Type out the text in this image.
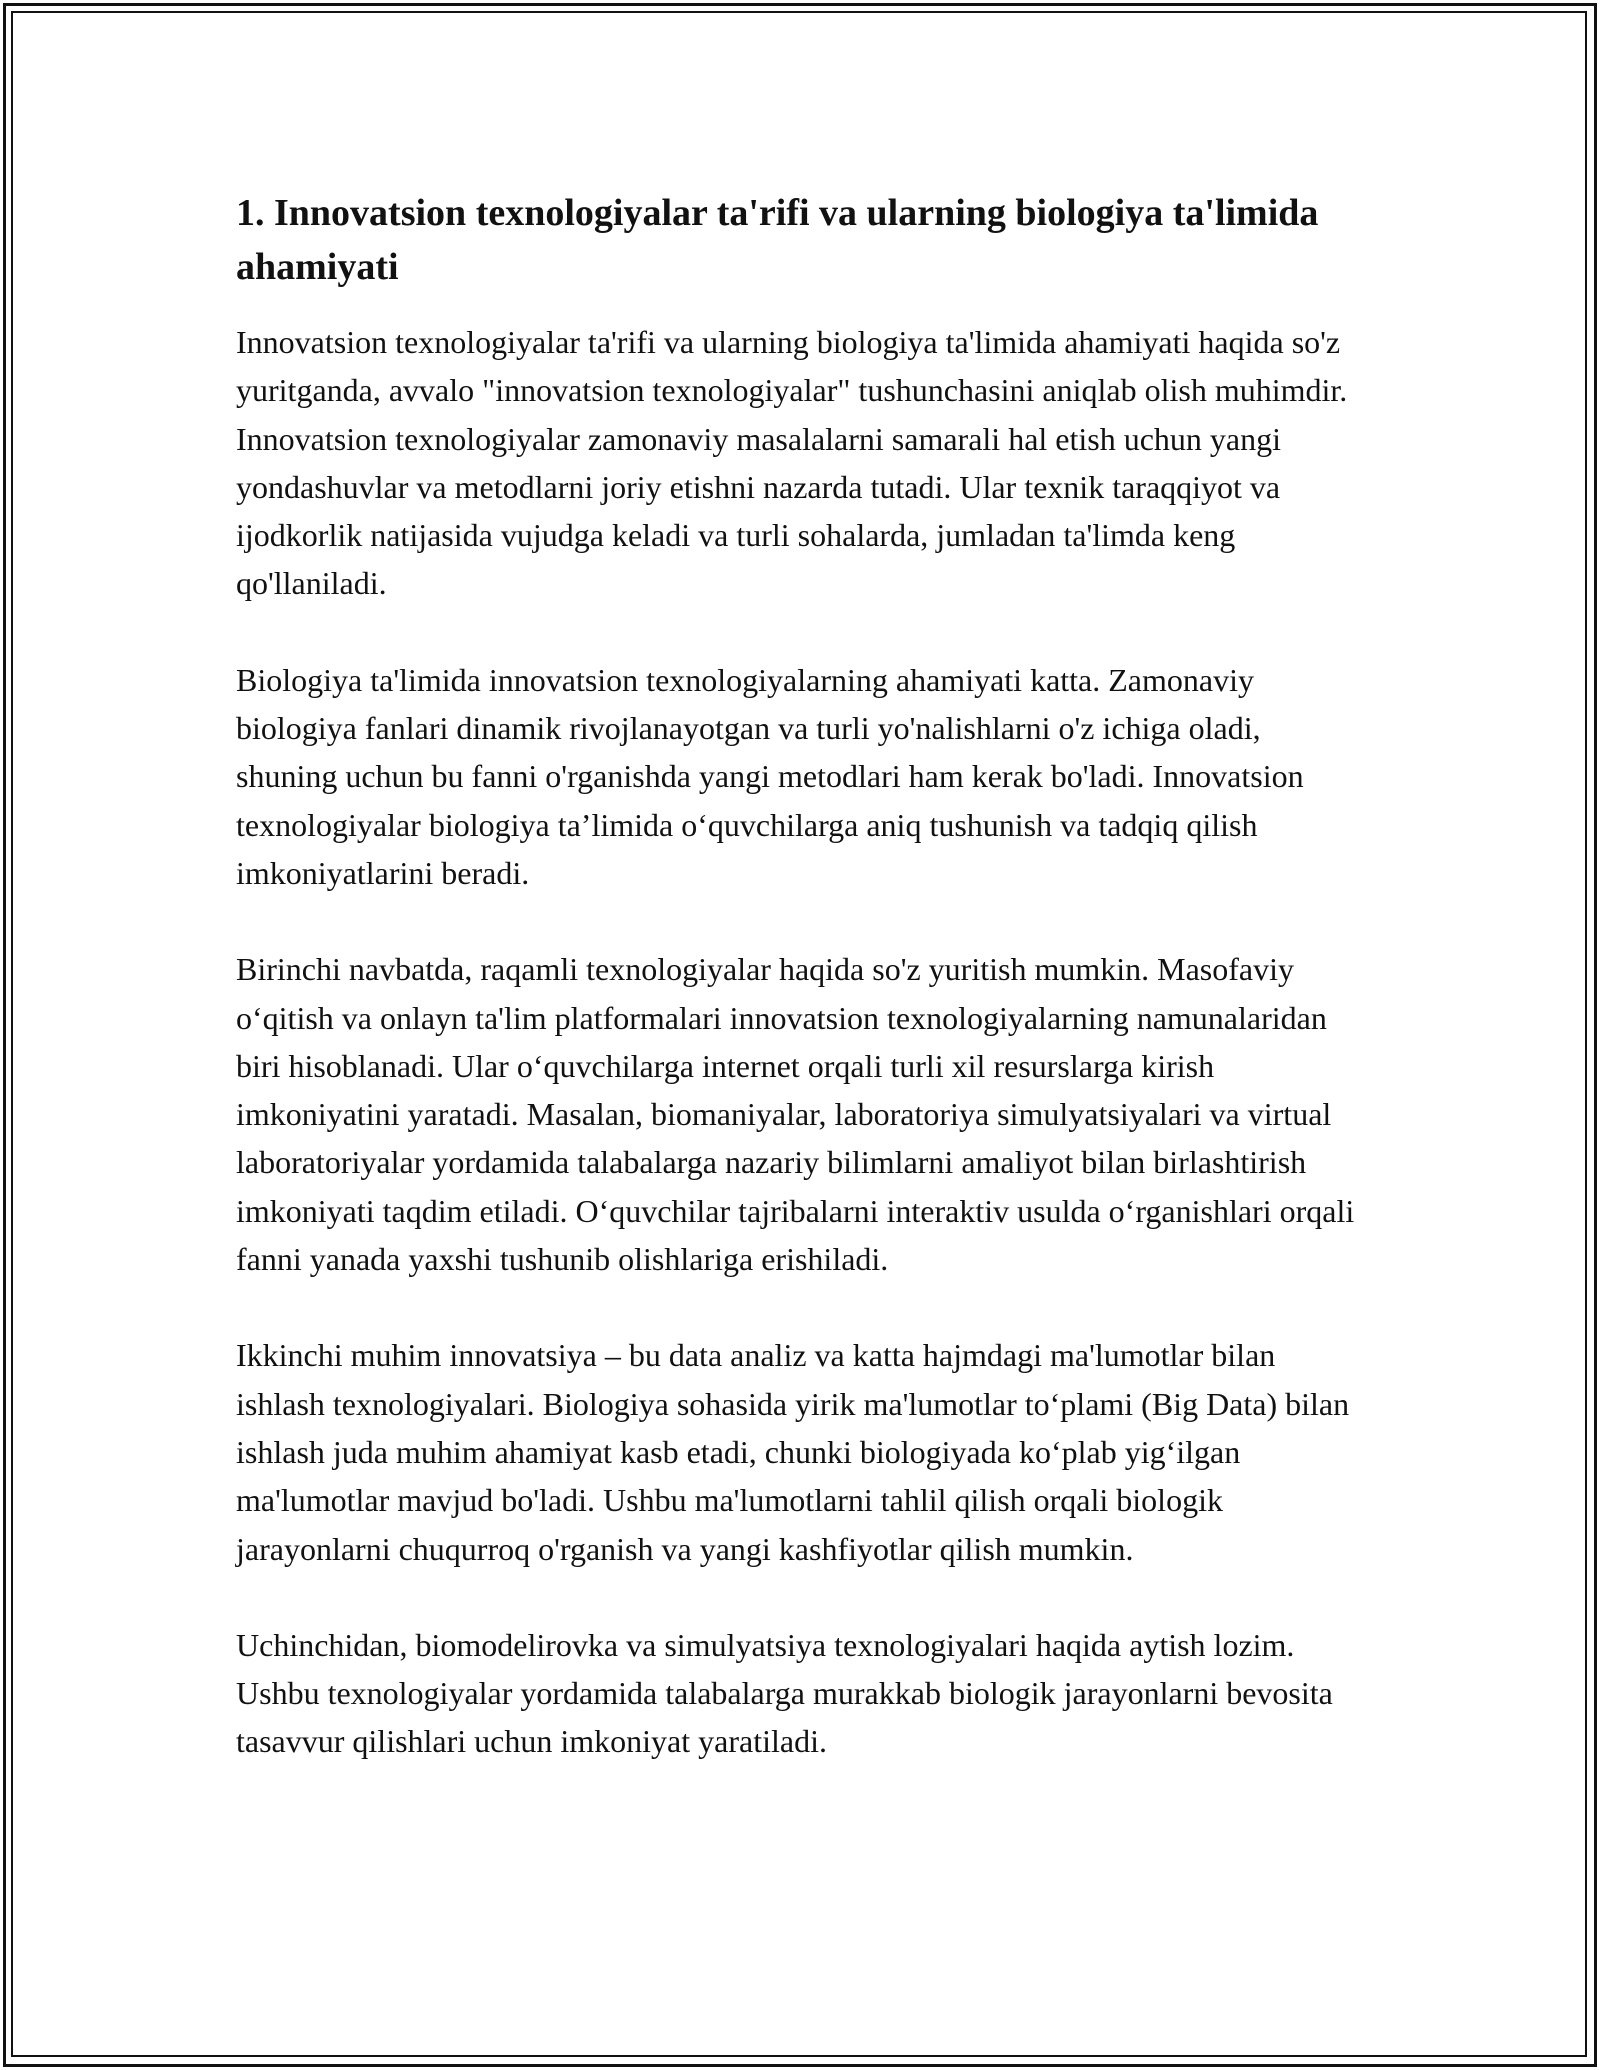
1. Innovatsion texnologiyalar ta'rifi va ularning biologiya ta'limida ahamiyati

Innovatsion texnologiyalar ta'rifi va ularning biologiya ta'limida ahamiyati haqida so'z yuritganda, avvalo "innovatsion texnologiyalar" tushunchasini aniqlab olish muhimdir. Innovatsion texnologiyalar zamonaviy masalalarni samarali hal etish uchun yangi yondashuvlar va metodlarni joriy etishni nazarda tutadi. Ular texnik taraqqiyot va ijodkorlik natijasida vujudga keladi va turli sohalarda, jumladan ta'limda keng qo'llaniladi.

Biologiya ta'limida innovatsion texnologiyalarning ahamiyati katta. Zamonaviy biologiya fanlari dinamik rivojlanayotgan va turli yo'nalishlarni o'z ichiga oladi, shuning uchun bu fanni o'rganishda yangi metodlari ham kerak bo'ladi. Innovatsion texnologiyalar biologiya ta’limida o‘quvchilarga aniq tushunish va tadqiq qilish imkoniyatlarini beradi.

Birinchi navbatda, raqamli texnologiyalar haqida so'z yuritish mumkin. Masofaviy o‘qitish va onlayn ta'lim platformalari innovatsion texnologiyalarning namunalaridan biri hisoblanadi. Ular o‘quvchilarga internet orqali turli xil resurslarga kirish imkoniyatini yaratadi. Masalan, biomaniyalar, laboratoriya simulyatsiyalari va virtual laboratoriyalar yordamida talabalarga nazariy bilimlarni amaliyot bilan birlashtirish imkoniyati taqdim etiladi. O‘quvchilar tajribalarni interaktiv usulda o‘rganishlari orqali fanni yanada yaxshi tushunib olishlariga erishiladi.

Ikkinchi muhim innovatsiya – bu data analiz va katta hajmdagi ma'lumotlar bilan ishlash texnologiyalari. Biologiya sohasida yirik ma'lumotlar to‘plami (Big Data) bilan ishlash juda muhim ahamiyat kasb etadi, chunki biologiyada ko‘plab yig‘ilgan ma'lumotlar mavjud bo'ladi. Ushbu ma'lumotlarni tahlil qilish orqali biologik jarayonlarni chuqurroq o'rganish va yangi kashfiyotlar qilish mumkin.

Uchinchidan, biomodelirovka va simulyatsiya texnologiyalari haqida aytish lozim. Ushbu texnologiyalar yordamida talabalarga murakkab biologik jarayonlarni bevosita tasavvur qilishlari uchun imkoniyat yaratiladi.
